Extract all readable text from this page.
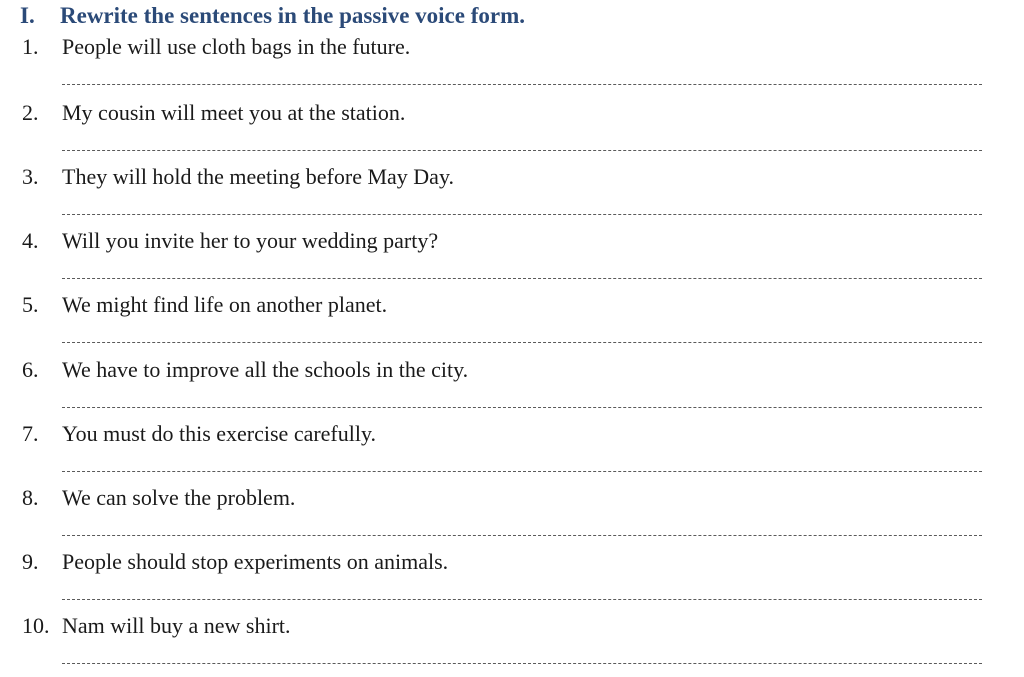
I. Rewrite the sentences in the passive voice form.
1. People will use cloth bags in the future.
2. My cousin will meet you at the station.
3. They will hold the meeting before May Day.
4. Will you invite her to your wedding party?
5. We might find life on another planet.
6. We have to improve all the schools in the city.
7. You must do this exercise carefully.
8. We can solve the problem.
9. People should stop experiments on animals.
10. Nam will buy a new shirt.
